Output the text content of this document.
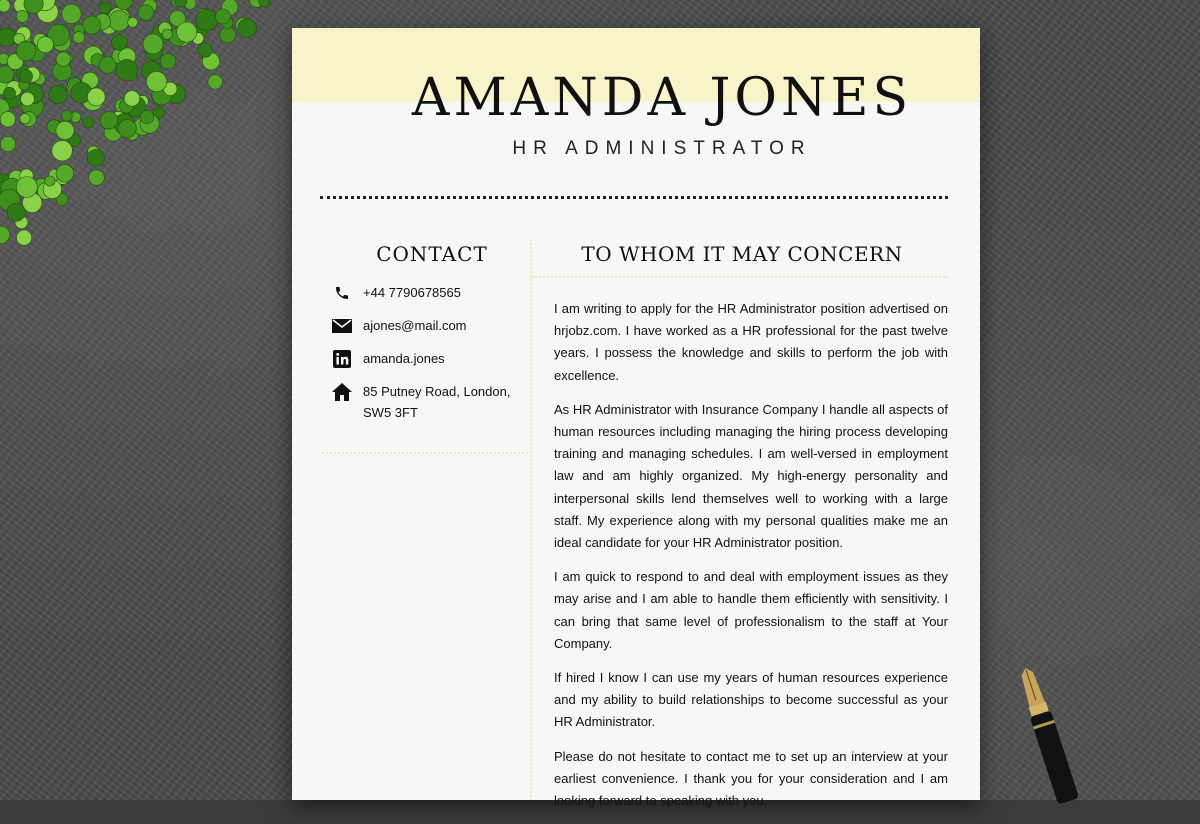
AMANDA JONES
HR ADMINISTRATOR
CONTACT	TO WHOM IT MAY CONCERN
+44 7790678565
ajones@mail.com
amanda.jones
85 Putney Road, London, SW5 3FT

I am writing to apply for the HR Administrator position advertised on hrjobz.com. I have worked as a HR professional for the past twelve years. I possess the knowledge and skills to perform the job with excellence.

As HR Administrator with Insurance Company I handle all aspects of human resources including managing the hiring process developing training and managing schedules. I am well-versed in employment law and am highly organized. My high-energy personality and interpersonal skills lend themselves well to working with a large staff. My experience along with my personal qualities make me an ideal candidate for your HR Administrator position.

I am quick to respond to and deal with employment issues as they may arise and I am able to handle them efficiently with sensitivity. I can bring that same level of professionalism to the staff at Your Company.

If hired I know I can use my years of human resources experience and my ability to build relationships to become successful as your HR Administrator.

Please do not hesitate to contact me to set up an interview at your earliest convenience. I thank you for your consideration and I am looking forward to speaking with you.
